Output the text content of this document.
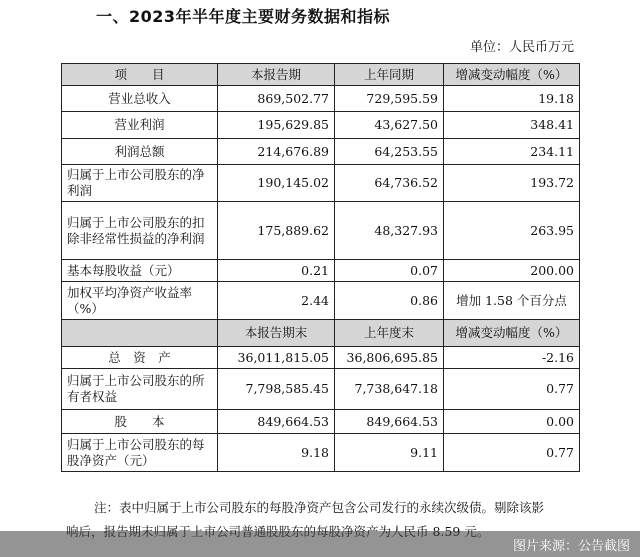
一、2023年半年度主要财务数据和指标
单位：人民币万元
项　　目	本报告期	上年同期	增减变动幅度（%）
营业总收入	869,502.77	729,595.59	19.18
营业利润	195,629.85	43,627.50	348.41
利润总额	214,676.89	64,253.55	234.11
归属于上市公司股东的净利润	190,145.02	64,736.52	193.72
归属于上市公司股东的扣除非经常性损益的净利润	175,889.62	48,327.93	263.95
基本每股收益（元）	0.21	0.07	200.00
加权平均净资产收益率（%）	2.44	0.86	增加 1.58 个百分点
	本报告期末	上年度末	增减变动幅度（%）
总　资　产	36,011,815.05	36,806,695.85	-2.16
归属于上市公司股东的所有者权益	7,798,585.45	7,738,647.18	0.77
股　　本	849,664.53	849,664.53	0.00
归属于上市公司股东的每股净资产（元）	9.18	9.11	0.77

注：表中归属于上市公司股东的每股净资产包含公司发行的永续次级债。剔除该影

图片来源：公告截图
